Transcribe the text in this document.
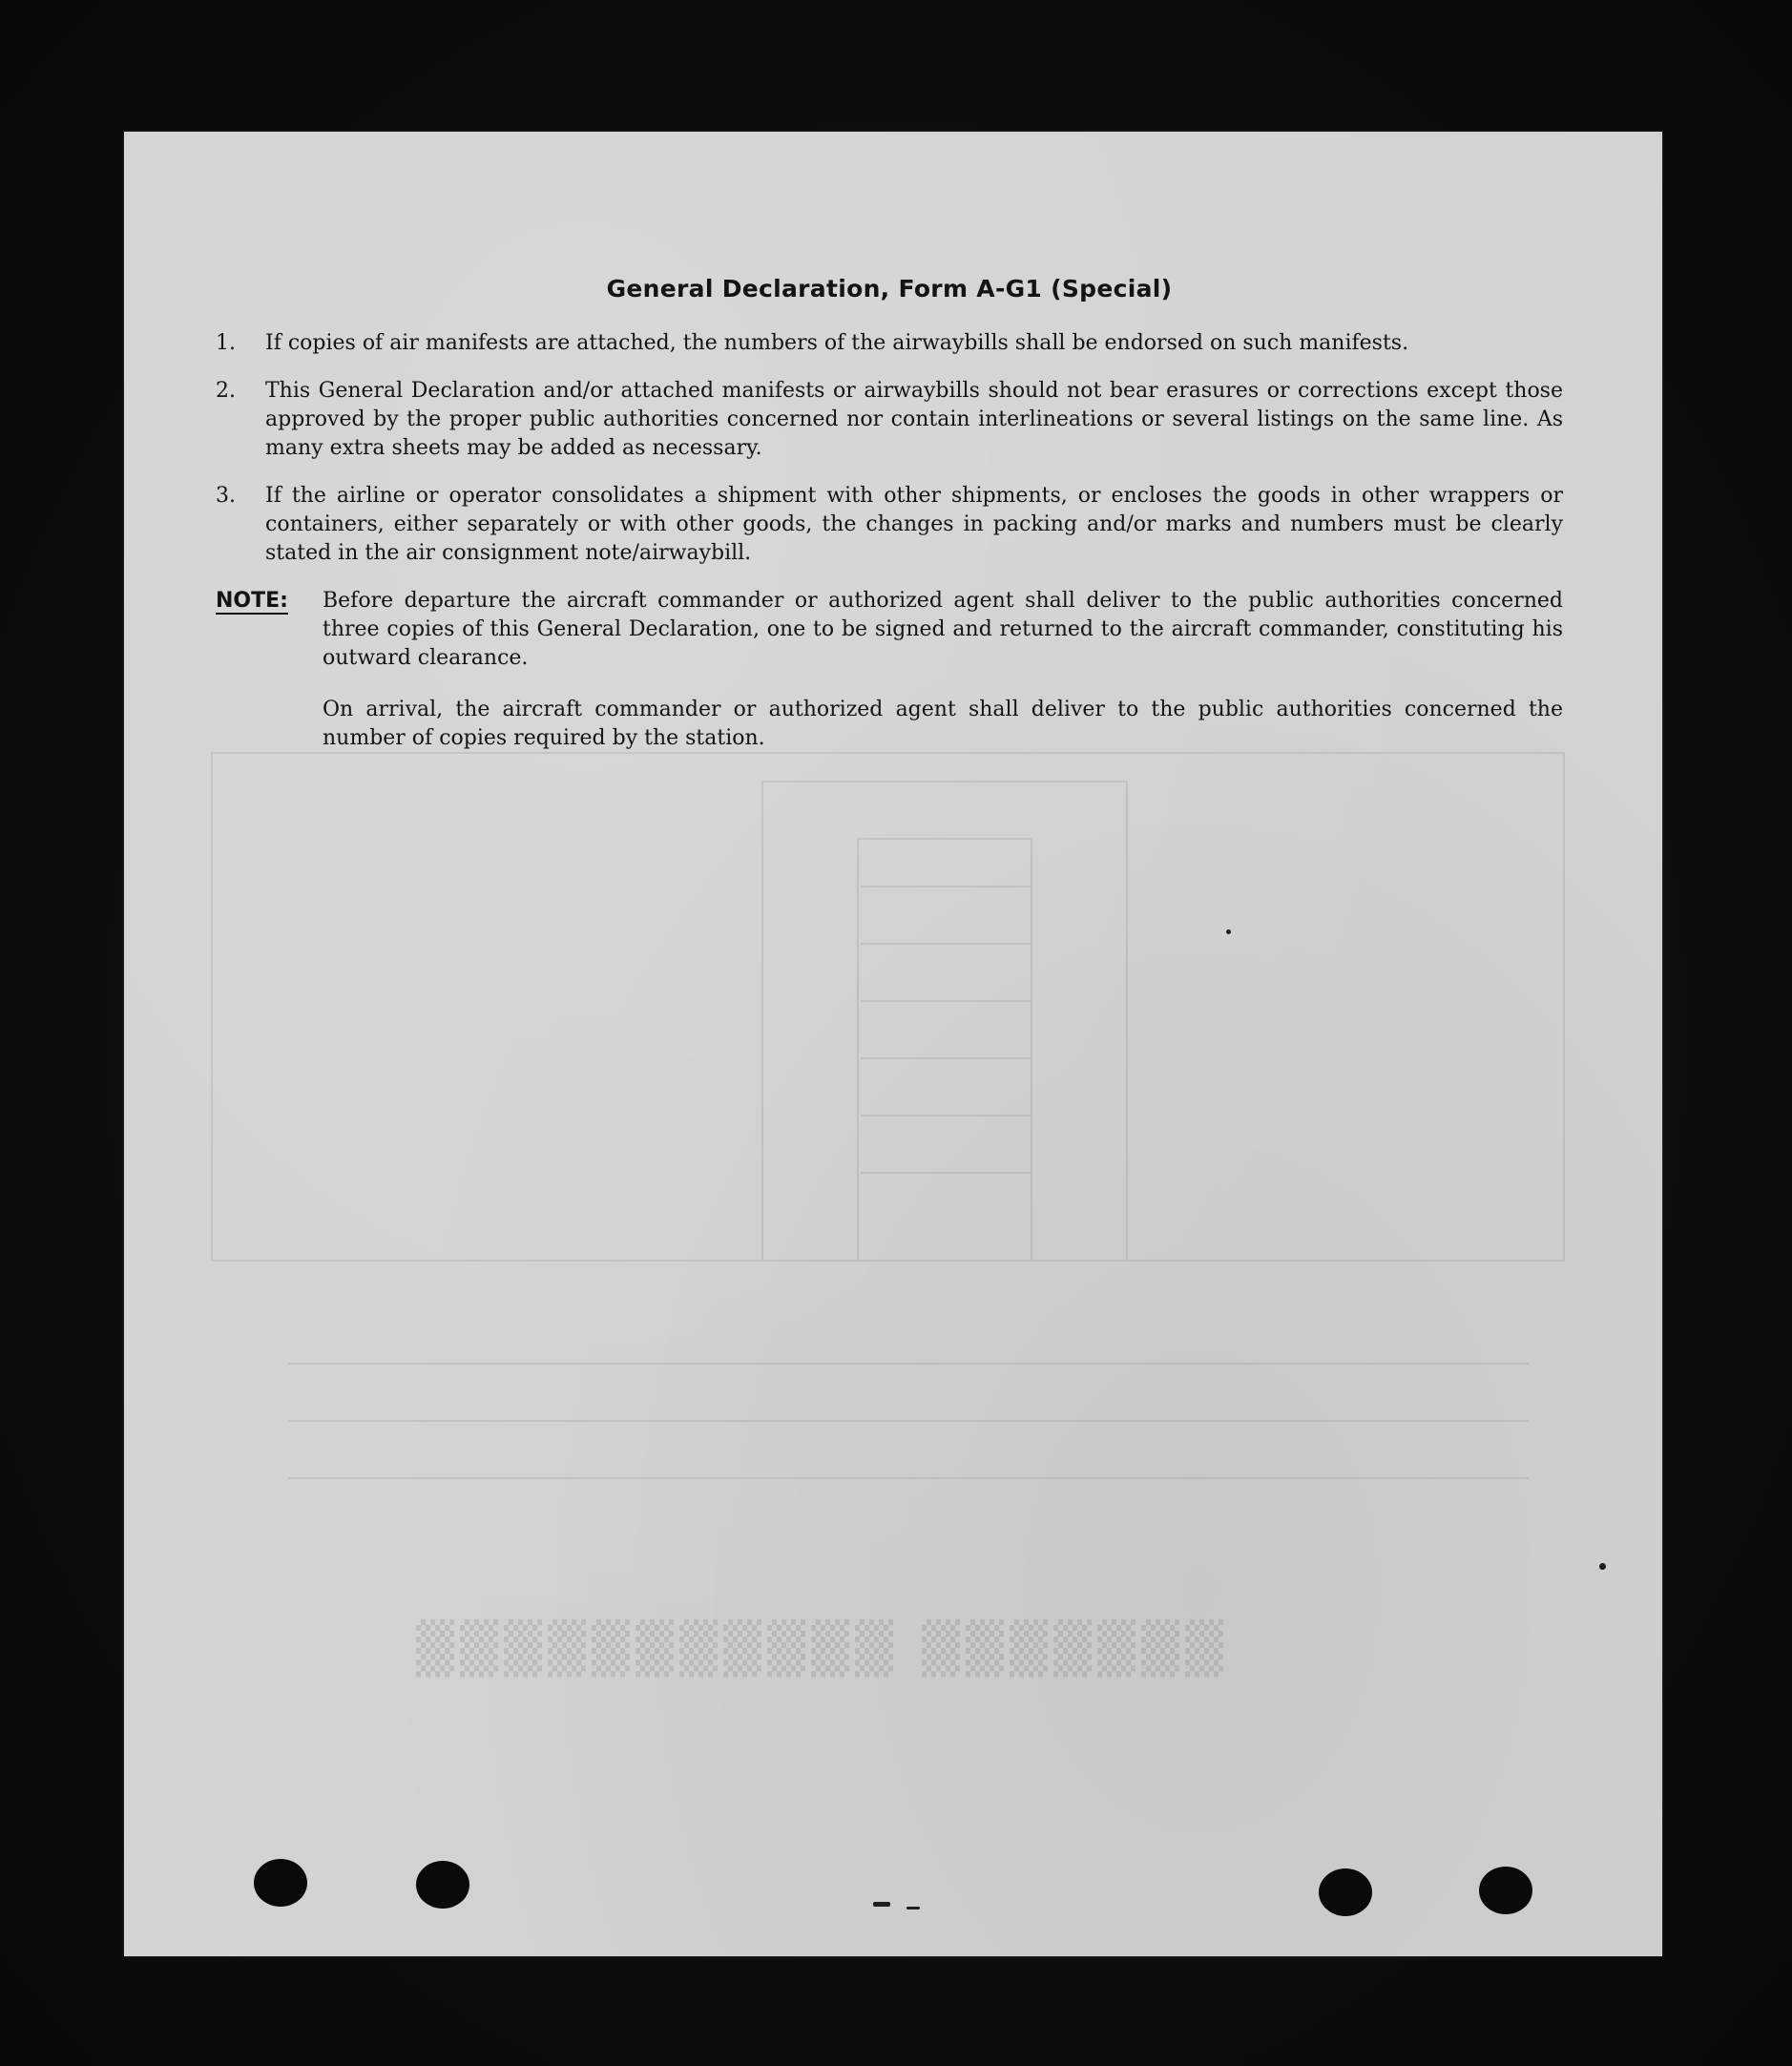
▒▒▒▒▒▒▒ ▒▒▒▒▒▒▒▒▒▒▒
General Declaration, Form A-G1 (Special)
1.	If copies of air manifests are attached, the numbers of the airwaybills shall be endorsed on such manifests.
2.	This General Declaration and/or attached manifests or airwaybills should not bear erasures or corrections except those approved by the proper public authorities concerned nor contain interlineations or several listings on the same line. As many extra sheets may be added as necessary.
3.	If the airline or operator consolidates a shipment with other shipments, or encloses the goods in other wrappers or containers, either separately or with other goods, the changes in packing and/or marks and numbers must be clearly stated in the air consignment note/airwaybill.
NOTE:	Before departure the aircraft commander or authorized agent shall deliver to the public authorities concerned three copies of this General Declaration, one to be signed and returned to the aircraft commander, constituting his outward clearance.

On arrival, the aircraft commander or authorized agent shall deliver to the public authorities concerned the number of copies required by the station.
